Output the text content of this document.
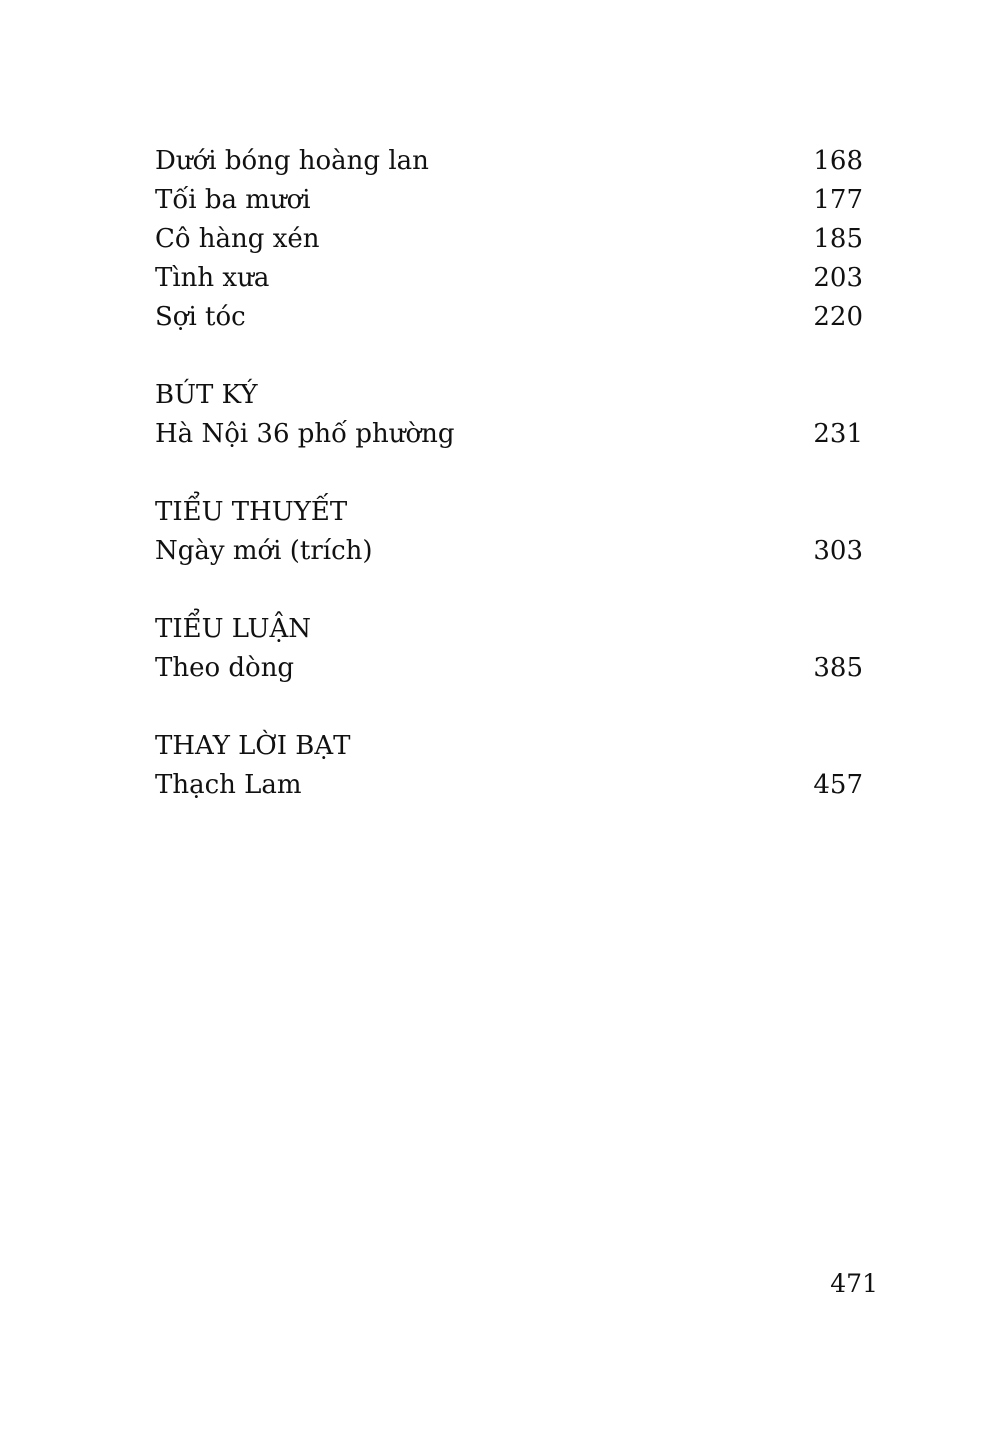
Dưới bóng hoàng lan	168
Tối ba mươi	177
Cô hàng xén	185
Tình xưa	203
Sợi tóc	220
BÚT KÝ
Hà Nội 36 phố phường	231
TIỂU THUYẾT
Ngày mới (trích)	303
TIỂU LUẬN
Theo dòng	385
THAY LỜI BẠT
Thạch Lam	457
471
